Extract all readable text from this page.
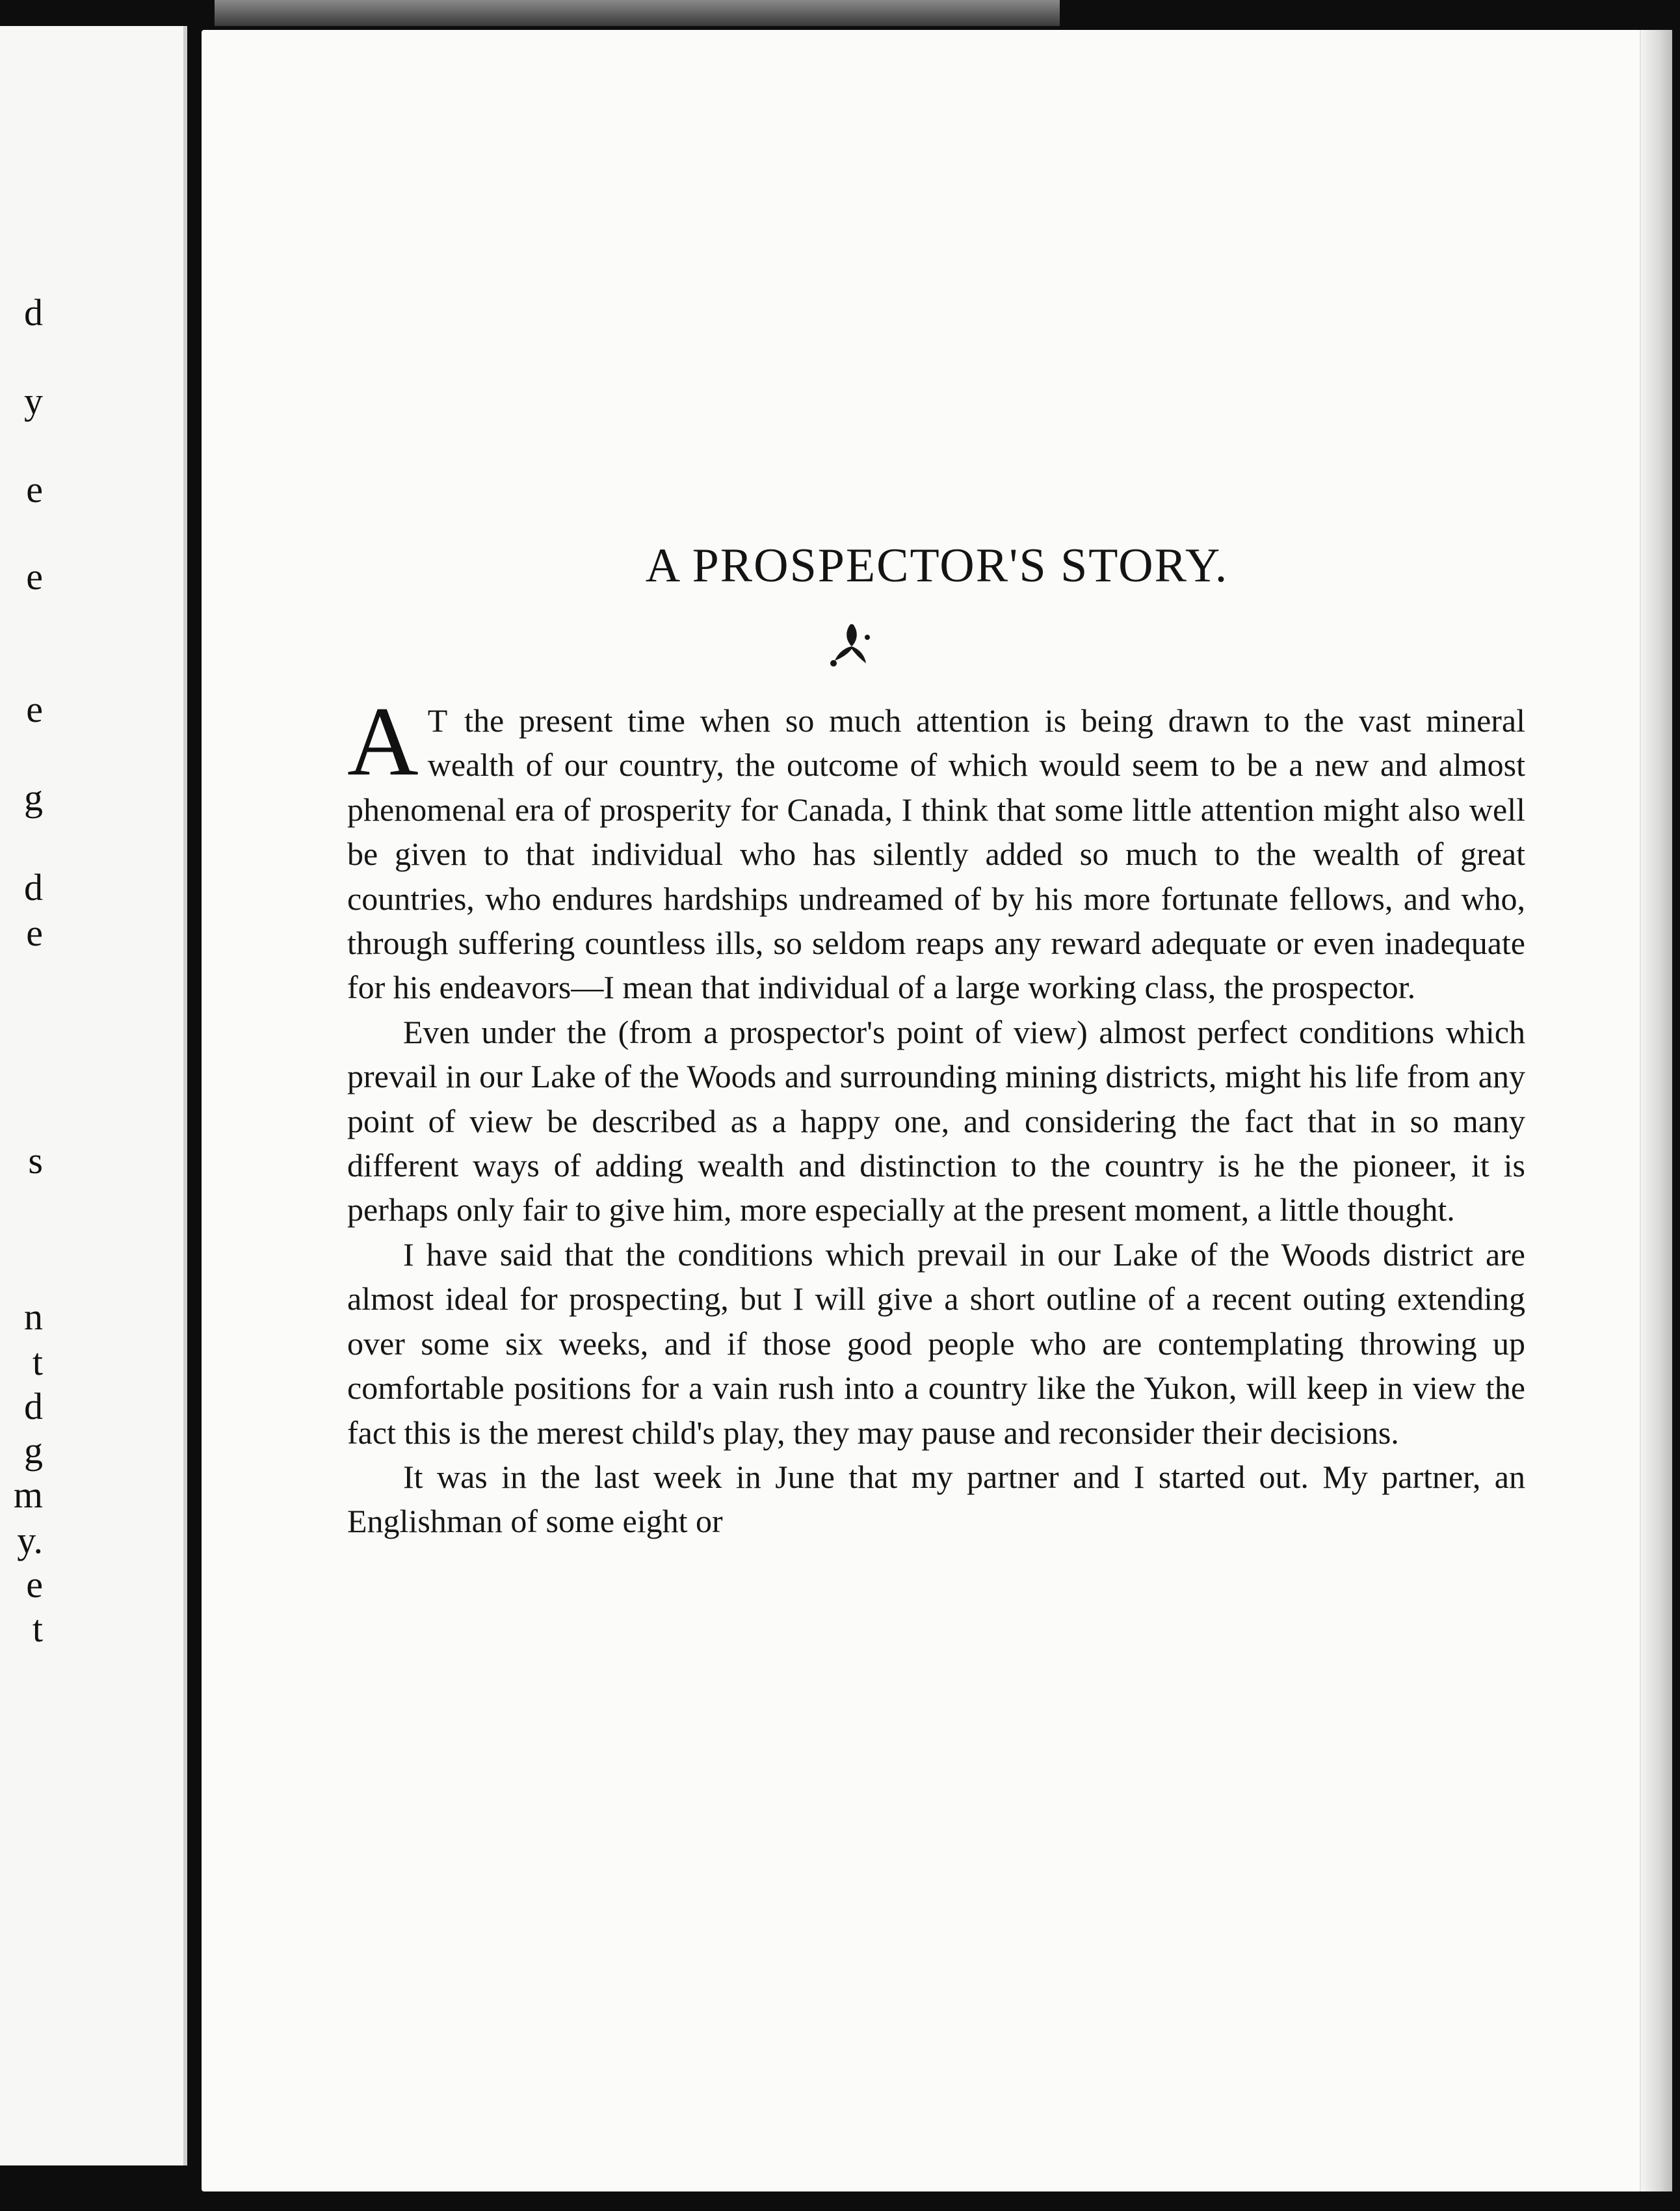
d
y
e
e
e
g
d
e
s
n
t
d
g
m
y.
e
t
A PROSPECTOR'S STORY.

A T the present time when so much attention is being drawn to the vast mineral wealth of our country, the outcome of which would seem to be a new and almost phenomenal era of prosperity for Canada, I think that some little attention might also well be given to that individual who has silently added so much to the wealth of great countries, who endures hardships undreamed of by his more fortunate fellows, and who, through suffering countless ills, so seldom reaps any reward adequate or even inadequate for his endeavors—I mean that individual of a large working class, the prospector.

Even under the (from a prospector's point of view) almost perfect conditions which prevail in our Lake of the Woods and surrounding mining districts, might his life from any point of view be described as a happy one, and considering the fact that in so many different ways of adding wealth and distinction to the country is he the pioneer, it is perhaps only fair to give him, more especially at the present moment, a little thought.

I have said that the conditions which prevail in our Lake of the Woods district are almost ideal for prospecting, but I will give a short outline of a recent outing extending over some six weeks, and if those good people who are contemplating throwing up comfortable positions for a vain rush into a country like the Yukon, will keep in view the fact this is the merest child's play, they may pause and reconsider their decisions.

It was in the last week in June that my partner and I started out. My partner, an Englishman of some eight or
